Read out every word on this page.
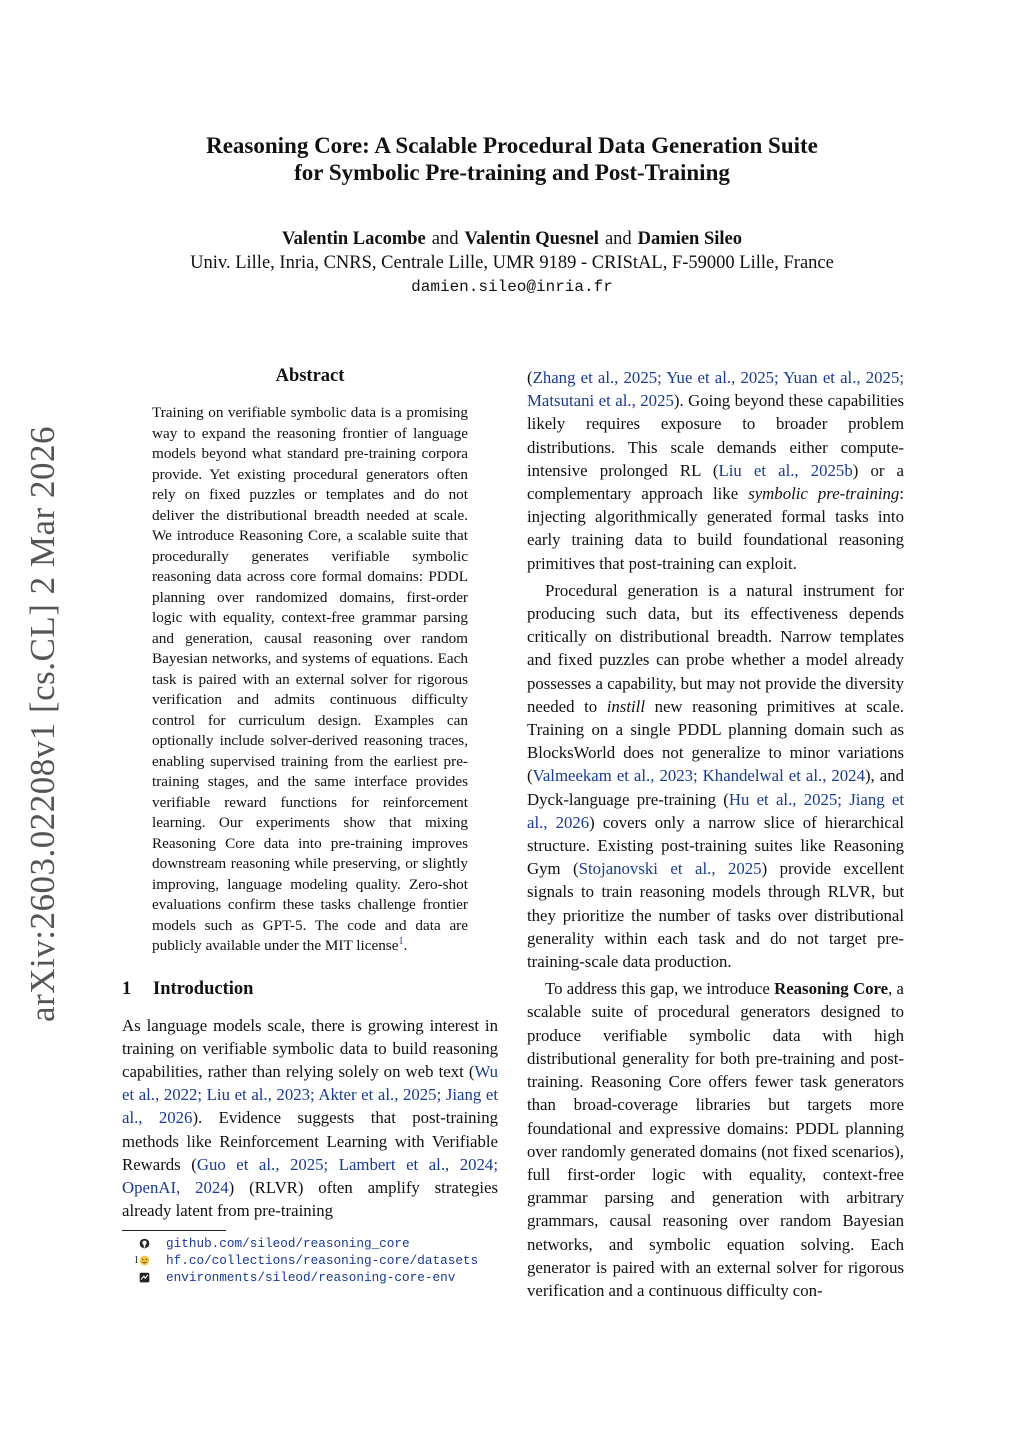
arXiv:2603.02208v1 [cs.CL] 2 Mar 2026
Reasoning Core: A Scalable Procedural Data Generation Suite
for Symbolic Pre-training and Post-Training
Valentin Lacombe and Valentin Quesnel and Damien Sileo
Univ. Lille, Inria, CNRS, Centrale Lille, UMR 9189 - CRIStAL, F-59000 Lille, France
damien.sileo@inria.fr
Abstract

Training on verifiable symbolic data is a promising way to expand the reasoning frontier of language models beyond what standard pre-training corpora provide. Yet existing procedural generators often rely on fixed puzzles or templates and do not deliver the distributional breadth needed at scale. We introduce Reasoning Core, a scalable suite that procedurally generates verifiable symbolic reasoning data across core formal domains: PDDL planning over randomized domains, first-order logic with equality, context-free grammar parsing and generation, causal reasoning over random Bayesian networks, and systems of equations. Each task is paired with an external solver for rigorous verification and admits continuous difficulty control for curriculum design. Examples can optionally include solver-derived reasoning traces, enabling supervised training from the earliest pre-training stages, and the same interface provides verifiable reward functions for reinforcement learning. Our experiments show that mixing Reasoning Core data into pre-training improves downstream reasoning while preserving, or slightly improving, language modeling quality. Zero-shot evaluations confirm these tasks challenge frontier models such as GPT-5. The code and data are publicly available under the MIT license$^1$.

1 Introduction

As language models scale, there is growing interest in training on verifiable symbolic data to build reasoning capabilities, rather than relying solely on web text (Wu et al., 2022; Liu et al., 2023; Akter et al., 2025; Jiang et al., 2026). Evidence suggests that post-training methods like Reinforcement Learning with Verifiable Rewards (Guo et al., 2025; Lambert et al., 2024; OpenAI, 2024) (RLVR) often amplify strategies already latent from pre-training

github.com/sileod/reasoning_core
1 hf.co/collections/reasoning-core/datasets
environments/sileod/reasoning-core-env

(Zhang et al., 2025; Yue et al., 2025; Yuan et al., 2025; Matsutani et al., 2025). Going beyond these capabilities likely requires exposure to broader problem distributions. This scale demands either compute-intensive prolonged RL (Liu et al., 2025b) or a complementary approach like symbolic pre-training: injecting algorithmically generated formal tasks into early training data to build foundational reasoning primitives that post-training can exploit.

Procedural generation is a natural instrument for producing such data, but its effectiveness depends critically on distributional breadth. Narrow templates and fixed puzzles can probe whether a model already possesses a capability, but may not provide the diversity needed to instill new reasoning primitives at scale. Training on a single PDDL planning domain such as BlocksWorld does not generalize to minor variations (Valmeekam et al., 2023; Khandelwal et al., 2024), and Dyck-language pre-training (Hu et al., 2025; Jiang et al., 2026) covers only a narrow slice of hierarchical structure. Existing post-training suites like Reasoning Gym (Stojanovski et al., 2025) provide excellent signals to train reasoning models through RLVR, but they prioritize the number of tasks over distributional generality within each task and do not target pre-training-scale data production.

To address this gap, we introduce Reasoning Core, a scalable suite of procedural generators designed to produce verifiable symbolic data with high distributional generality for both pre-training and post-training. Reasoning Core offers fewer task generators than broad-coverage libraries but targets more foundational and expressive domains: PDDL planning over randomly generated domains (not fixed scenarios), full first-order logic with equality, context-free grammar parsing and generation with arbitrary grammars, causal reasoning over random Bayesian networks, and symbolic equation solving. Each generator is paired with an external solver for rigorous verification and a continuous difficulty con-
